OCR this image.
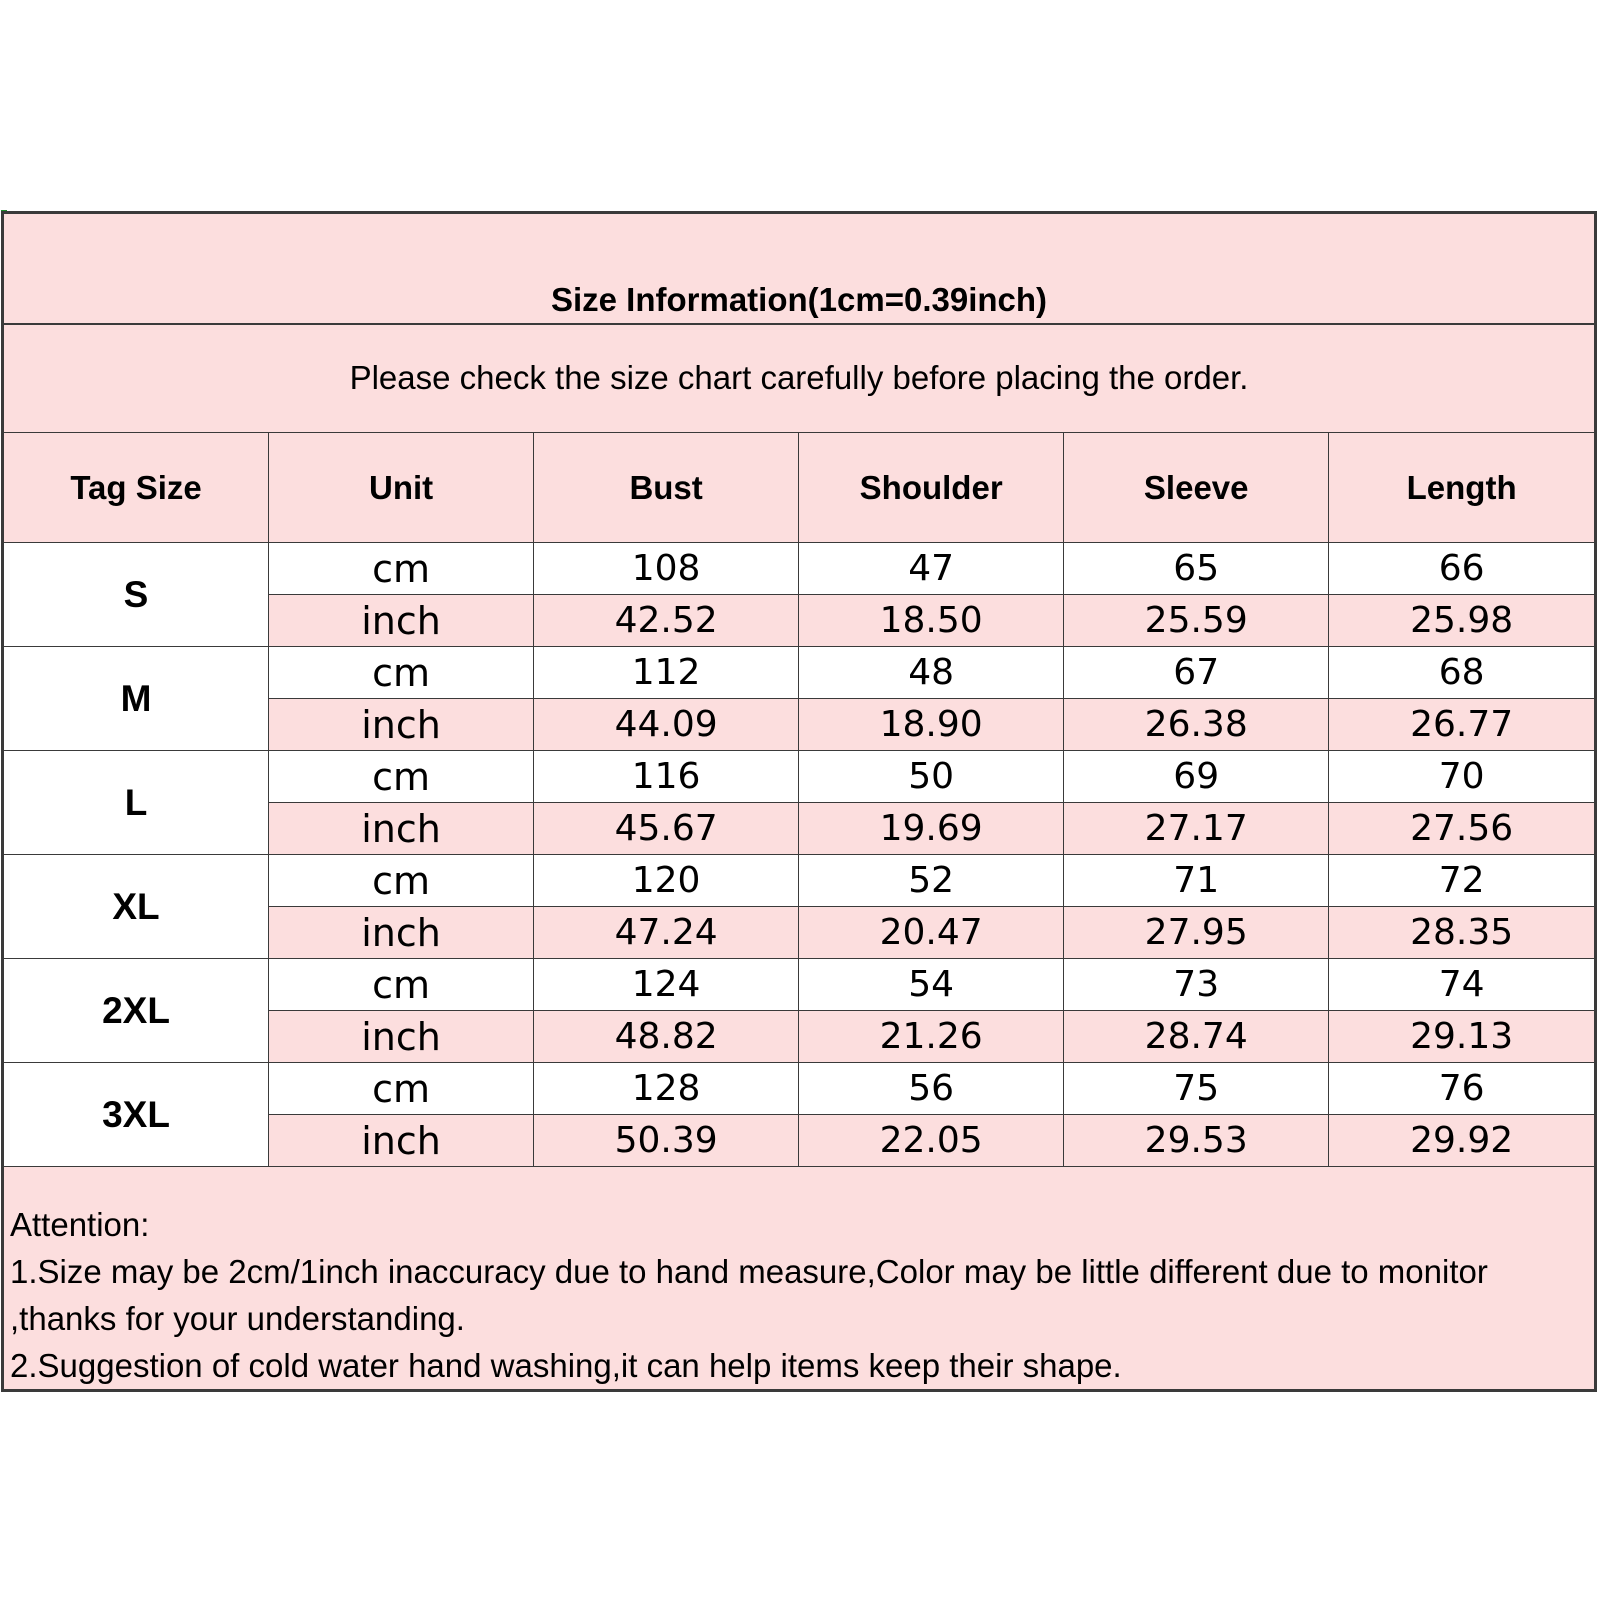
Size Information(1cm=0.39inch)					
Please check the size chart carefully before placing the order.					
Tag Size	Unit	Bust	Shoulder	Sleeve	Length
S	cm	108	47	65	66
	inch	42.52	18.50	25.59	25.98
M	cm	112	48	67	68
	inch	44.09	18.90	26.38	26.77
L	cm	116	50	69	70
	inch	45.67	19.69	27.17	27.56
XL	cm	120	52	71	72
	inch	47.24	20.47	27.95	28.35
2XL	cm	124	54	73	74
	inch	48.82	21.26	28.74	29.13
3XL	cm	128	56	75	76
	inch	50.39	22.05	29.53	29.92

Attention:
1.Size may be 2cm/1inch inaccuracy due to hand measure,Color may be little different due to monitor ,thanks for your understanding.
2.Suggestion of cold water hand washing,it can help items keep their shape.					
